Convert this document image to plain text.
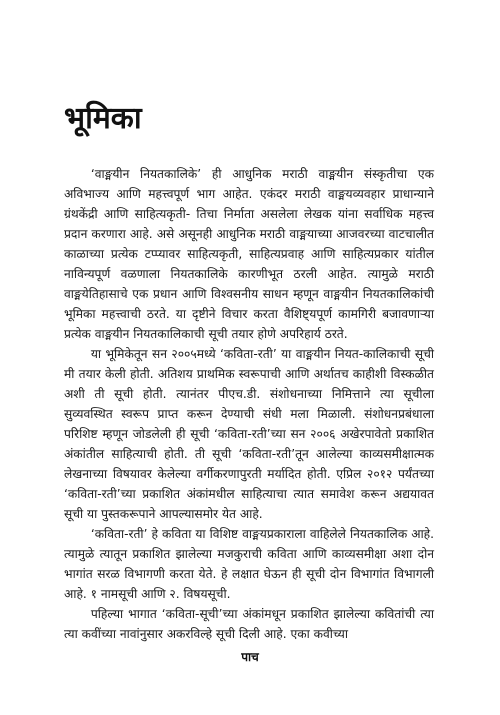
भूमिका

‘वाङ्मयीन नियतकालिके’ ही आधुनिक मराठी वाङ्मयीन संस्कृतीचा एक अविभाज्य आणि महत्त्वपूर्ण भाग आहेत. एकंदर मराठी वाङ्मयव्यवहार प्राधान्याने ग्रंथकेंद्री आणि साहित्यकृती- तिचा निर्माता असलेला लेखक यांना सर्वाधिक महत्त्व प्रदान करणारा आहे. असे असूनही आधुनिक मराठी वाङ्मयाच्या आजवरच्या वाटचालीत काळाच्या प्रत्येक टप्प्यावर साहित्यकृती, साहित्यप्रवाह आणि साहित्यप्रकार यांतील नाविन्यपूर्ण वळणाला नियतकालिके कारणीभूत ठरली आहेत. त्यामुळे मराठी वाङ्मयेतिहासाचे एक प्रधान आणि विश्वसनीय साधन म्हणून वाङ्मयीन नियतकालिकांची भूमिका महत्त्वाची ठरते. या दृष्टीने विचार करता वैशिष्ट्यपूर्ण कामगिरी बजावणाऱ्या प्रत्येक वाङ्मयीन नियतकालिकाची सूची तयार होणे अपरिहार्य ठरते.

या भूमिकेतून सन २००५मध्ये ‘कविता-रती’ या वाङ्मयीन नियत-कालिकाची सूची मी तयार केली होती. अतिशय प्राथमिक स्वरूपाची आणि अर्थातच काहीशी विस्कळीत अशी ती सूची होती. त्यानंतर पीएच.डी. संशोधनाच्या निमित्ताने त्या सूचीला सुव्यवस्थित स्वरूप प्राप्त करून देण्याची संधी मला मिळाली. संशोधनप्रबंधाला परिशिष्ट म्हणून जोडलेली ही सूची ‘कविता-रती’च्या सन २००६ अखेरपावेतो प्रकाशित अंकांतील साहित्याची होती. ती सूची ‘कविता-रती’तून आलेल्या काव्यसमीक्षात्मक लेखनाच्या विषयावर केलेल्या वर्गीकरणापुरती मर्यादित होती. एप्रिल २०१२ पर्यंतच्या ‘कविता-रती’च्या प्रकाशित अंकांमधील साहित्याचा त्यात समावेश करून अद्ययावत सूची या पुस्तकरूपाने आपल्यासमोर येत आहे.

‘कविता-रती’ हे कविता या विशिष्ट वाङ्मयप्रकाराला वाहिलेले नियतकालिक आहे. त्यामुळे त्यातून प्रकाशित झालेल्या मजकुराची कविता आणि काव्यसमीक्षा अशा दोन भागांत सरळ विभागणी करता येते. हे लक्षात घेऊन ही सूची दोन विभागांत विभागली आहे. १ नामसूची आणि २. विषयसूची.

पहिल्या भागात ‘कविता-सूची’च्या अंकांमधून प्रकाशित झालेल्या कवितांची त्या त्या कवींच्या नावांनुसार अकरविल्हे सूची दिली आहे. एका कवीच्या

पाच
